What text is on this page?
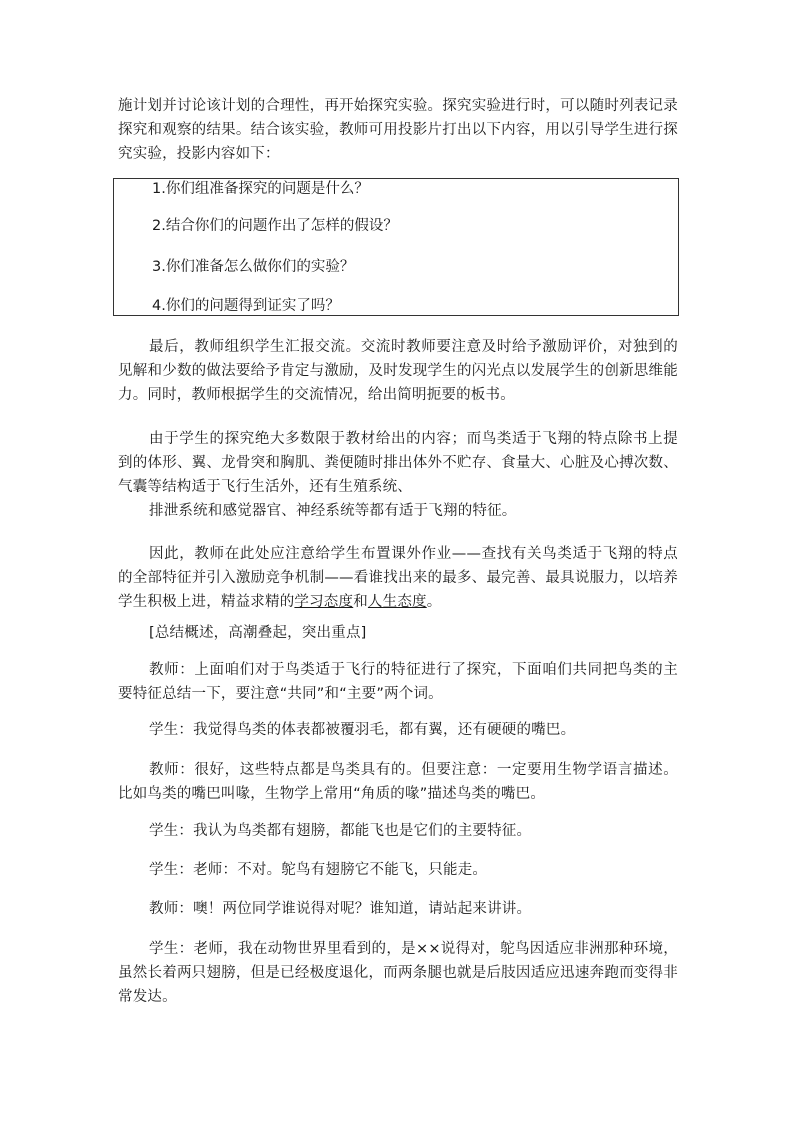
施计划并讨论该计划的合理性，再开始探究实验。探究实验进行时，可以随时列表记录探究和观察的结果。结合该实验，教师可用投影片打出以下内容，用以引导学生进行探究实验，投影内容如下：

1.你们组准备探究的问题是什么？

2.结合你们的问题作出了怎样的假设？

3.你们准备怎么做你们的实验？

4.你们的问题得到证实了吗？

最后，教师组织学生汇报交流。交流时教师要注意及时给予激励评价，对独到的见解和少数的做法要给予肯定与激励，及时发现学生的闪光点以发展学生的创新思维能力。同时，教师根据学生的交流情况，给出简明扼要的板书。

由于学生的探究绝大多数限于教材给出的内容；而鸟类适于飞翔的特点除书上提到的体形、翼、龙骨突和胸肌、粪便随时排出体外不贮存、食量大、心脏及心搏次数、气囊等结构适于飞行生活外，还有生殖系统、

排泄系统和感觉器官、神经系统等都有适于飞翔的特征。

因此，教师在此处应注意给学生布置课外作业——查找有关鸟类适于飞翔的特点的全部特征并引入激励竞争机制——看谁找出来的最多、最完善、最具说服力，以培养学生积极上进，精益求精的学习态度和人生态度。

[总结概述，高潮叠起，突出重点]

教师：上面咱们对于鸟类适于飞行的特征进行了探究，下面咱们共同把鸟类的主要特征总结一下，要注意“共同”和“主要”两个词。

学生：我觉得鸟类的体表都被覆羽毛，都有翼，还有硬硬的嘴巴。

教师：很好，这些特点都是鸟类具有的。但要注意：一定要用生物学语言描述。比如鸟类的嘴巴叫喙，生物学上常用“角质的喙”描述鸟类的嘴巴。

学生：我认为鸟类都有翅膀，都能飞也是它们的主要特征。

学生：老师：不对。鸵鸟有翅膀它不能飞，只能走。

教师：噢！两位同学谁说得对呢？谁知道，请站起来讲讲。

学生：老师，我在动物世界里看到的，是××说得对，鸵鸟因适应非洲那种环境，虽然长着两只翅膀，但是已经极度退化，而两条腿也就是后肢因适应迅速奔跑而变得非常发达。
